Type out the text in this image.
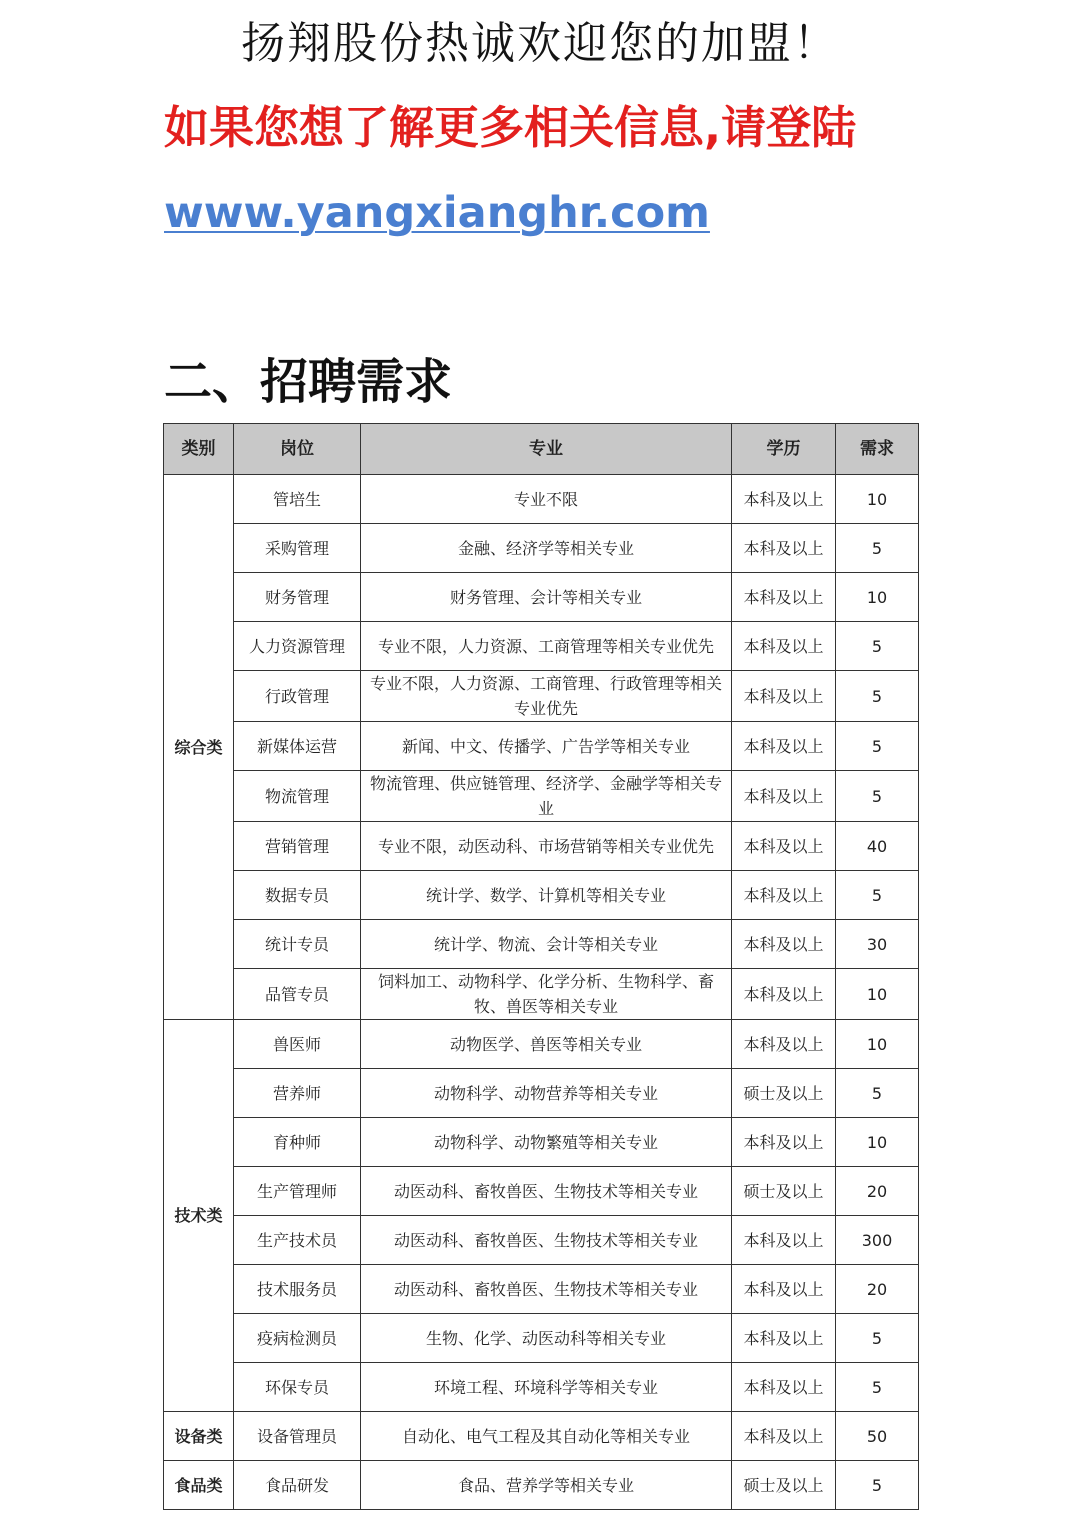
扬翔股份热诚欢迎您的加盟！
如果您想了解更多相关信息,请登陆
www.yangxianghr.com
二、招聘需求
类别	岗位	专业	学历	需求
综合类	管培生	专业不限	本科及以上	10
	采购管理	金融、经济学等相关专业	本科及以上	5
	财务管理	财务管理、会计等相关专业	本科及以上	10
	人力资源管理	专业不限，人力资源、工商管理等相关专业优先	本科及以上	5
	行政管理	专业不限，人力资源、工商管理、行政管理等相关专业优先	本科及以上	5
	新媒体运营	新闻、中文、传播学、广告学等相关专业	本科及以上	5
	物流管理	物流管理、供应链管理、经济学、金融学等相关专业	本科及以上	5
	营销管理	专业不限，动医动科、市场营销等相关专业优先	本科及以上	40
	数据专员	统计学、数学、计算机等相关专业	本科及以上	5
	统计专员	统计学、物流、会计等相关专业	本科及以上	30
	品管专员	饲料加工、动物科学、化学分析、生物科学、畜牧、兽医等相关专业	本科及以上	10
技术类	兽医师	动物医学、兽医等相关专业	本科及以上	10
	营养师	动物科学、动物营养等相关专业	硕士及以上	5
	育种师	动物科学、动物繁殖等相关专业	本科及以上	10
	生产管理师	动医动科、畜牧兽医、生物技术等相关专业	硕士及以上	20
	生产技术员	动医动科、畜牧兽医、生物技术等相关专业	本科及以上	300
	技术服务员	动医动科、畜牧兽医、生物技术等相关专业	本科及以上	20
	疫病检测员	生物、化学、动医动科等相关专业	本科及以上	5
	环保专员	环境工程、环境科学等相关专业	本科及以上	5
设备类	设备管理员	自动化、电气工程及其自动化等相关专业	本科及以上	50
食品类	食品研发	食品、营养学等相关专业	硕士及以上	5
